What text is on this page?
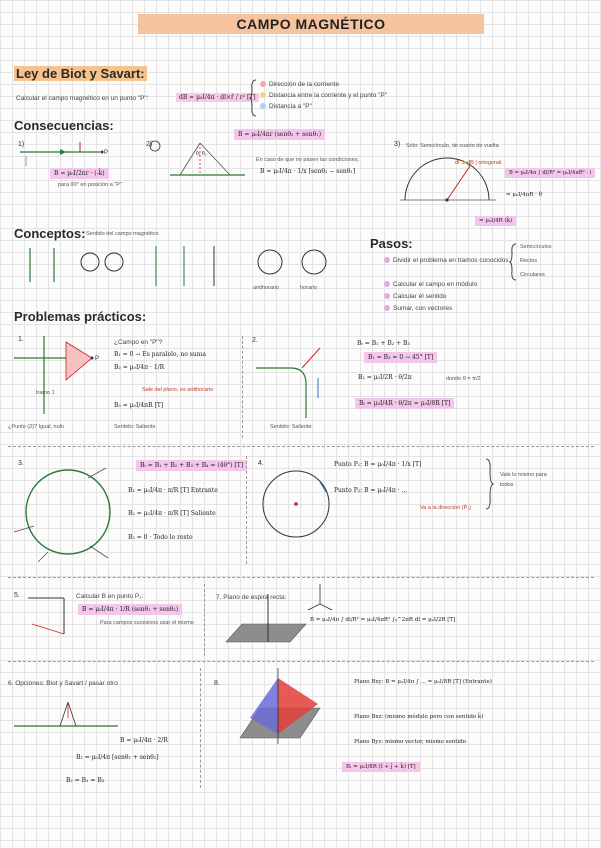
CAMPO MAGNÉTICO
Ley de Biot y Savart:
Calcular el campo magnético en un punto "P":	dB = μ₀I/4π · dl×r̂ / r² [T]
Dirección de la corriente
Distancia entre la corriente y el punto "P"
Distancia a "P"
Consecuencias:
1)
P
B = μ₀I/2πr · (-k̂)
para 90° en posición a "P"
2)
θ₁ θ₂
B = μ₀I/4πr (senθ₂ + senθ₁)
En caso de que no pasen las condiciones,
B = μ₀I/4π · 1/x [senθ₂ − senθ₁]
3) Sólo: Semicírculo, de cuarto de vuelta
dl ⊥ dB | ortogonal
B = μ₀I/4π ∫ dl/R² = μ₀I/4πR² · l
= μ₀I/4πR · θ
= μ₀I/4R (k̂)
Conceptos: Sentido del campo magnético
antihorario	horario
Pasos:
Dividir el problema en tramos conocidos
Calcular el campo en módulo
Calcular el sentido
Sumar, con vectores
Semicírculos
Rectos
Circulares
Problemas prácticos:
1.
P
tramo 1
¿Campo en "P"?
B₁ = 0 → Es paralelo, no suma
B₂ = μ₀I/4π · 1/R
Sale del plano, es antihorario
B₃ = μ₀I/4πR [T]
¿Punto (2)? Igual, nulo	Sentido: Saliente
2.	Bₜ = B₁ + B₂ + B₃
B₁ = B₃ = 0 → 45° [T]
B₂ = μ₀I/2R · θ/2π	donde θ = π/2
Bₜ = μ₀I/4R · θ/2π = μ₀I/8R [T]
Sentido: Saliente
3.	Bₜ = B₁ + B₂ + B₃ + B₄ = (4θ°) [T]
B₁ = μ₀I/4π · π/R [T] Entrante
B₂ = μ₀I/4π · π/R [T] Saliente
B₃ = 0 · Todo lo resto
4.	Punto P₁: B = μ₀I/4π · 1/x [T]
Punto P₂: B = μ₀I/4π · ...
Va a la dirección (P₁)
Vale lo mismo para todos
5.	Calcular B en punto P₁:
B = μ₀I/4π · 1/R (senθ₁ + senθ₂)
Para campos sucesivos usar el mismo
7. Plano de espira recta:
B = μ₀I/4π ∫ dl/R² = μ₀I/4πR² ∫₀^2πR dl = μ₀I/2R [T]
6. Opciones: Biot y Savart / pasar otro
B = μ₀I/4π · 2/R
B₁ = μ₀I/4π [senθ₁ + senθ₂]
B₂ = B₁ = B₃
8.	Plano Bxy: B = μ₀I/4π ∫ ... = μ₀I/8R [T] (Entrante)
Plano Bxz: (mismo módulo pero con sentido k̂)
Plano Byz: mismo vector, mismo sentido
Bₜ = μ₀I/8R (î + ĵ + k̂) [T]
